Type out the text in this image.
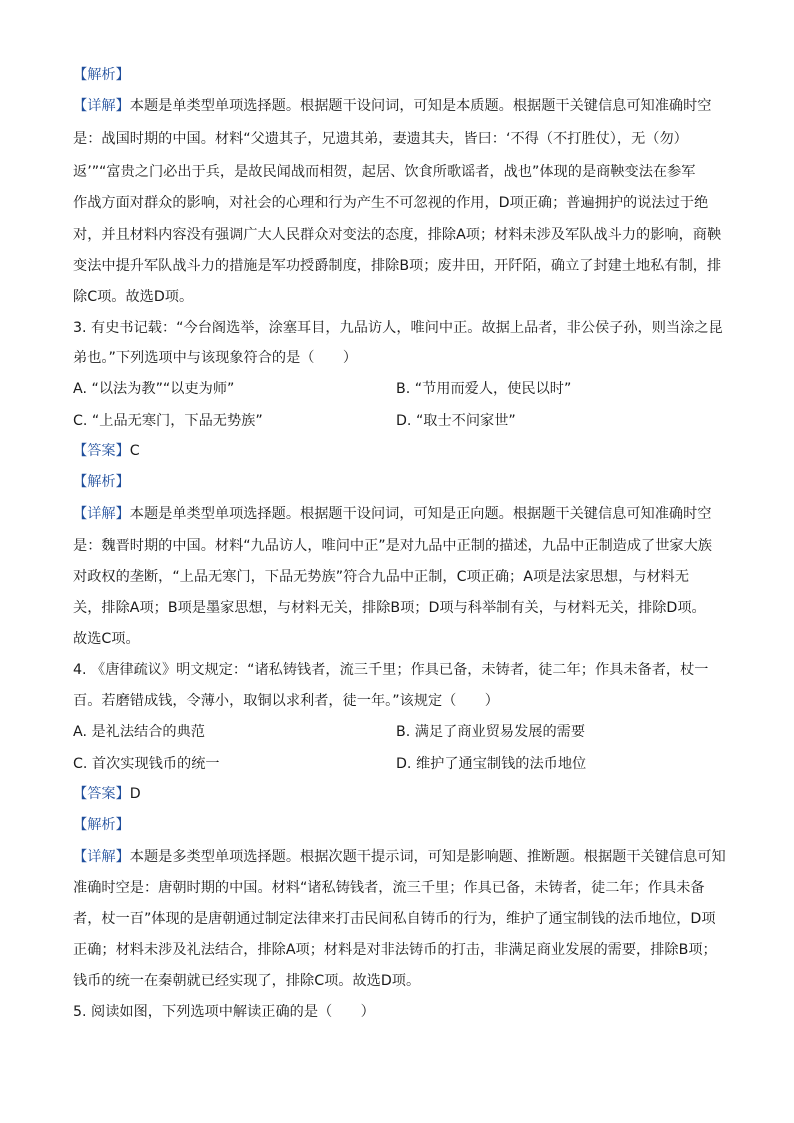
【解析】

【详解】本题是单类型单项选择题。根据题干设问词，可知是本质题。根据题干关键信息可知准确时空

是：战国时期的中国。材料“父遗其子，兄遗其弟，妻遗其夫，皆曰：‘不得（不打胜仗），无（勿）

返’”“富贵之门必出于兵，是故民闻战而相贺，起居、饮食所歌谣者，战也”体现的是商鞅变法在参军

作战方面对群众的影响，对社会的心理和行为产生不可忽视的作用，D项正确；普遍拥护的说法过于绝

对，并且材料内容没有强调广大人民群众对变法的态度，排除A项；材料未涉及军队战斗力的影响，商鞅

变法中提升军队战斗力的措施是军功授爵制度，排除B项；废井田，开阡陌，确立了封建土地私有制，排

除C项。故选D项。

3. 有史书记载：“今台阁选举，涂塞耳目，九品访人，唯问中正。故据上品者，非公侯子孙，则当涂之昆

弟也。”下列选项中与该现象符合的是（　　）

A. “以法为教”“以吏为师”	B. “节用而爱人，使民以时”
C. “上品无寒门，下品无势族”	D. “取士不问家世”

【答案】C

【解析】

【详解】本题是单类型单项选择题。根据题干设问词，可知是正向题。根据题干关键信息可知准确时空

是：魏晋时期的中国。材料“九品访人，唯问中正”是对九品中正制的描述，九品中正制造成了世家大族

对政权的垄断，“上品无寒门，下品无势族”符合九品中正制，C项正确；A项是法家思想，与材料无

关，排除A项；B项是墨家思想，与材料无关，排除B项；D项与科举制有关，与材料无关，排除D项。

故选C项。

4. 《唐律疏议》明文规定：“诸私铸钱者，流三千里；作具已备，未铸者，徒二年；作具未备者，杖一

百。若磨错成钱，令薄小，取铜以求利者，徒一年。”该规定（　　）

A. 是礼法结合的典范	B. 满足了商业贸易发展的需要
C. 首次实现钱币的统一	D. 维护了通宝制钱的法币地位

【答案】D

【解析】

【详解】本题是多类型单项选择题。根据次题干提示词，可知是影响题、推断题。根据题干关键信息可知

准确时空是：唐朝时期的中国。材料“诸私铸钱者，流三千里；作具已备，未铸者，徒二年；作具未备

者，杖一百”体现的是唐朝通过制定法律来打击民间私自铸币的行为，维护了通宝制钱的法币地位，D项

正确；材料未涉及礼法结合，排除A项；材料是对非法铸币的打击，非满足商业发展的需要，排除B项；

钱币的统一在秦朝就已经实现了，排除C项。故选D项。

5. 阅读如图，下列选项中解读正确的是（　　）
